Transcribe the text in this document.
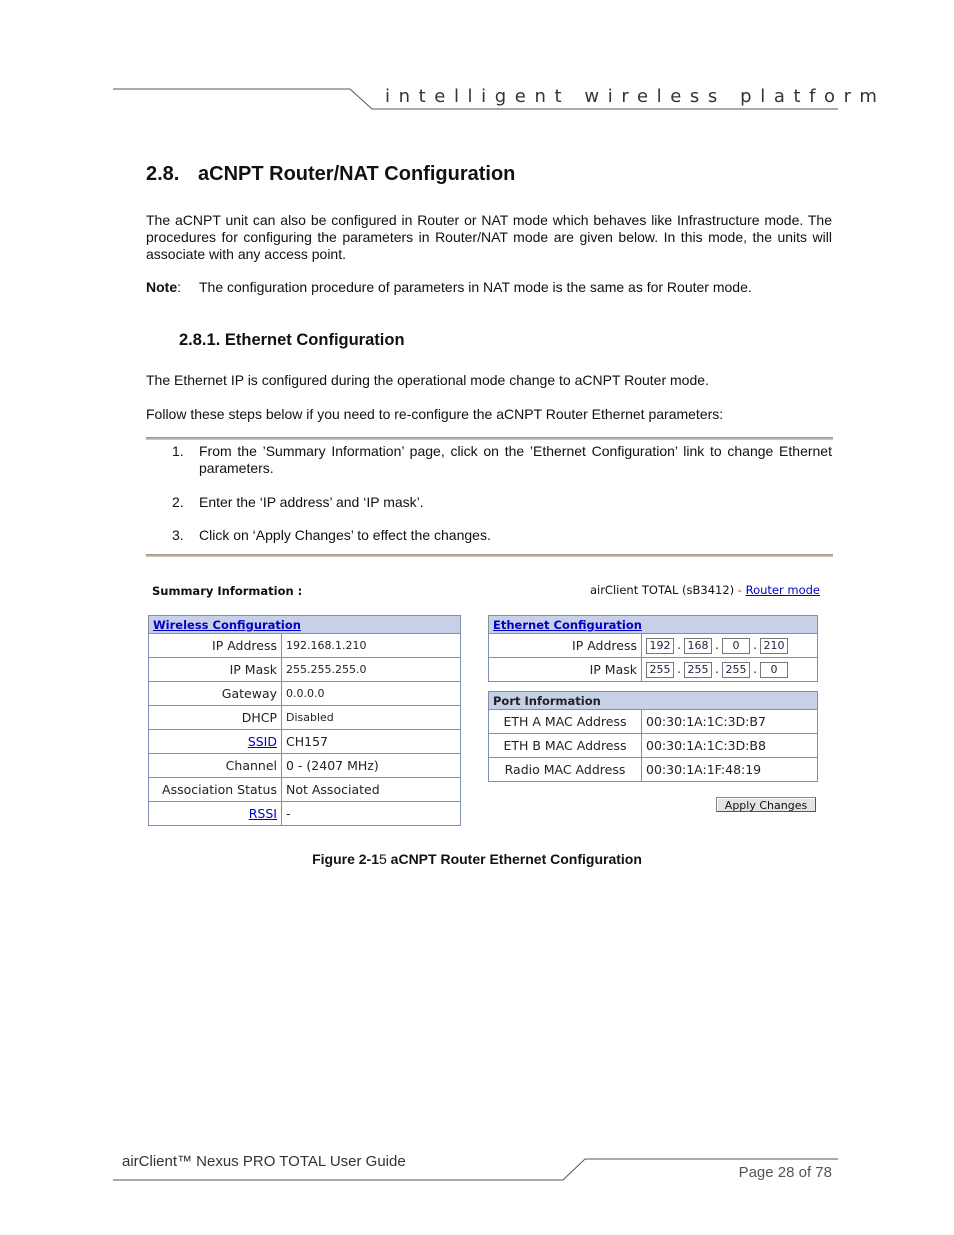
intelligent wireless platform
2.8. aCNPT Router/NAT Configuration
The aCNPT unit can also be configured in Router or NAT mode which behaves like Infrastructure mode. The procedures for configuring the parameters in Router/NAT mode are given below. In this mode, the units will associate with any access point.
Note: The configuration procedure of parameters in NAT mode is the same as for Router mode.
2.8.1. Ethernet Configuration
The Ethernet IP is configured during the operational mode change to aCNPT Router mode.
Follow these steps below if you need to re-configure the aCNPT Router Ethernet parameters:
1. From the ’Summary Information’ page, click on the ’Ethernet Configuration’ link to change Ethernet parameters.
2. Enter the ‘IP address’ and ‘IP mask’.
3. Click on ‘Apply Changes’ to effect the changes.
Summary Information :	airClient TOTAL (sB3412) - Router mode
Wireless Configuration	
IP Address	192.168.1.210
IP Mask	255.255.255.0
Gateway	0.0.0.0
DHCP	Disabled
SSID	CH157
Channel	0 - (2407 MHz)
Association Status	Not Associated
RSSI	-
Ethernet Configuration	
IP Address	192 . 168 . 0 . 210
IP Mask	255 . 255 . 255 . 0
Port Information	
ETH A MAC Address	00:30:1A:1C:3D:B7
ETH B MAC Address	00:30:1A:1C:3D:B8
Radio MAC Address	00:30:1A:1F:48:19
Apply Changes
Figure 2-15 aCNPT Router Ethernet Configuration
airClient™ Nexus PRO TOTAL User Guide
Page 28 of 78
